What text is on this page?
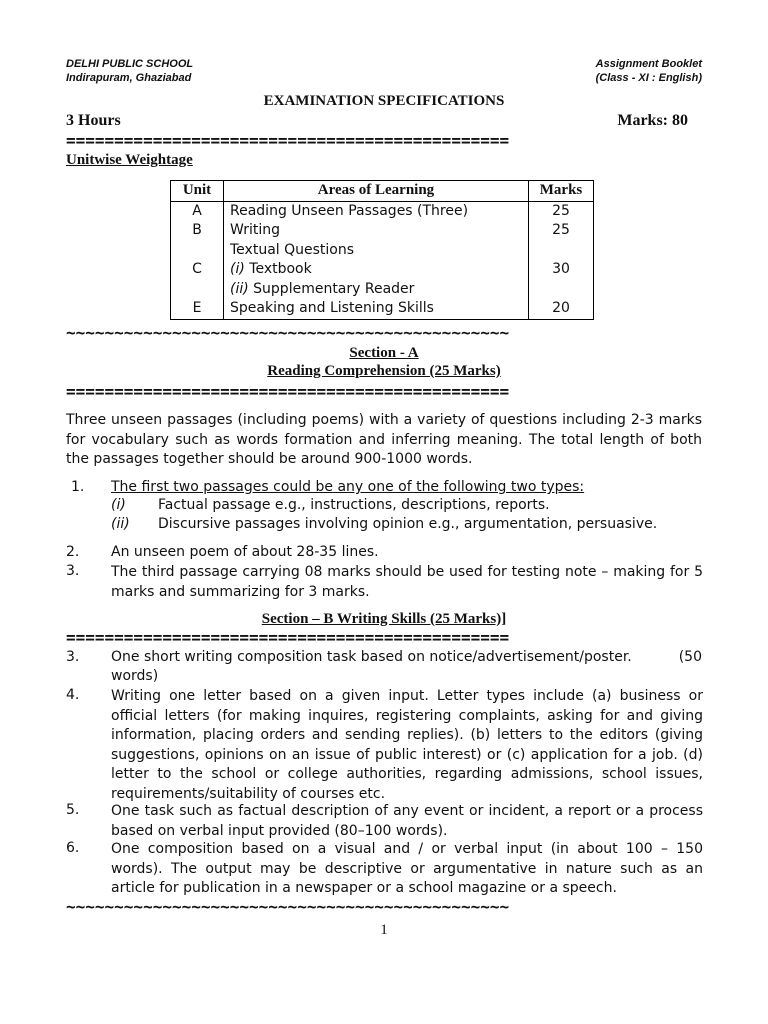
DELHI PUBLIC SCHOOL
Indirapuram, Ghaziabad
Assignment Booklet
(Class - XI : English)
EXAMINATION SPECIFICATIONS
3 Hours	Marks: 80
==============================================
Unitwise Weightage
Unit	Areas of Learning	Marks
A	Reading Unseen Passages (Three)	25
B	Writing	25
	Textual Questions	
C	(i) Textbook	30
	(ii) Supplementary Reader	
E	Speaking and Listening Skills	20
~~~~~~~~~~~~~~~~~~~~~~~~~~~~~~~~~~~~~~~~~~~~~~
Section - A
Reading Comprehension (25 Marks)
==============================================
Three unseen passages (including poems) with a variety of questions including 2-3 marks
for vocabulary such as words formation and inferring meaning. The total length of both
the passages together should be around 900-1000 words.
1. The first two passages could be any one of the following two types:
(i) Factual passage e.g., instructions, descriptions, reports.
(ii) Discursive passages involving opinion e.g., argumentation, persuasive.
2. An unseen poem of about 28-35 lines.
3. The third passage carrying 08 marks should be used for testing note – making for 5
marks and summarizing for 3 marks.
Section – B Writing Skills (25 Marks)]
==============================================
3. One short writing composition task based on notice/advertisement/poster.	(50
words)
4. Writing one letter based on a given input. Letter types include (a) business or
official letters (for making inquires, registering complaints, asking for and giving
information, placing orders and sending replies). (b) letters to the editors (giving
suggestions, opinions on an issue of public interest) or (c) application for a job. (d)
letter to the school or college authorities, regarding admissions, school issues,
requirements/suitability of courses etc.
5. One task such as factual description of any event or incident, a report or a process
based on verbal input provided (80–100 words).
6. One composition based on a visual and / or verbal input (in about 100 – 150
words). The output may be descriptive or argumentative in nature such as an
article for publication in a newspaper or a school magazine or a speech.
~~~~~~~~~~~~~~~~~~~~~~~~~~~~~~~~~~~~~~~~~~~~~~
1
